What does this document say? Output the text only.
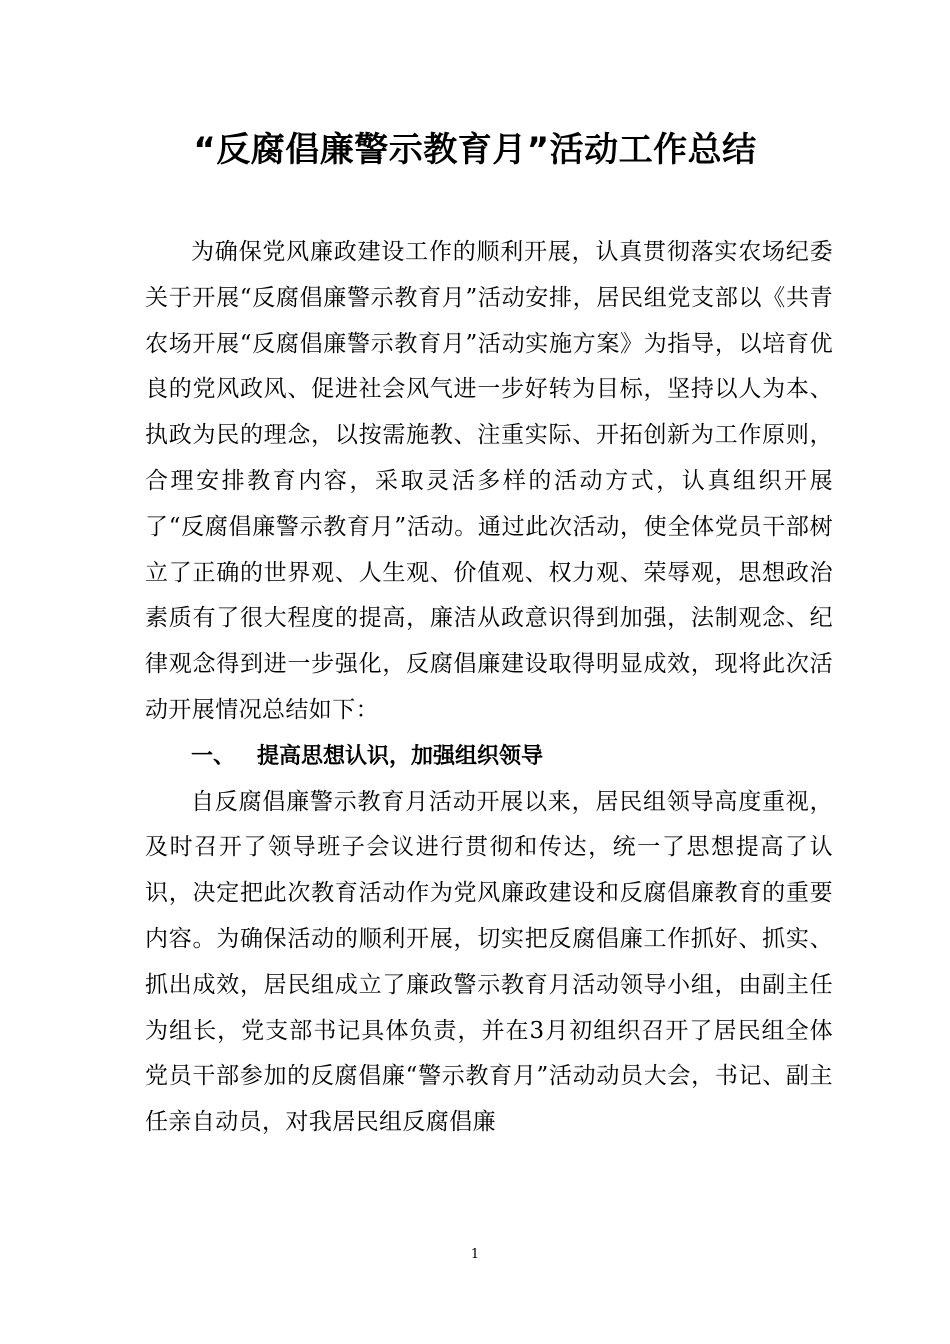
“反腐倡廉警示教育月”活动工作总结

为确保党风廉政建设工作的顺利开展，认真贯彻落实农场纪委关于开展“反腐倡廉警示教育月”活动安排，居民组党支部以《共青农场开展“反腐倡廉警示教育月”活动实施方案》为指导，以培育优良的党风政风、促进社会风气进一步好转为目标，坚持以人为本、执政为民的理念，以按需施教、注重实际、开拓创新为工作原则，合理安排教育内容，采取灵活多样的活动方式，认真组织开展了“反腐倡廉警示教育月”活动。通过此次活动，使全体党员干部树立了正确的世界观、人生观、价值观、权力观、荣辱观，思想政治素质有了很大程度的提高，廉洁从政意识得到加强，法制观念、纪律观念得到进一步强化，反腐倡廉建设取得明显成效，现将此次活动开展情况总结如下：

一、 提高思想认识，加强组织领导

自反腐倡廉警示教育月活动开展以来，居民组领导高度重视，及时召开了领导班子会议进行贯彻和传达，统一了思想提高了认识，决定把此次教育活动作为党风廉政建设和反腐倡廉教育的重要内容。为确保活动的顺利开展，切实把反腐倡廉工作抓好、抓实、抓出成效，居民组成立了廉政警示教育月活动领导小组，由副主任为组长，党支部书记具体负责，并在3月初组织召开了居民组全体党员干部参加的反腐倡廉“警示教育月”活动动员大会，书记、副主任亲自动员，对我居民组反腐倡廉

1
